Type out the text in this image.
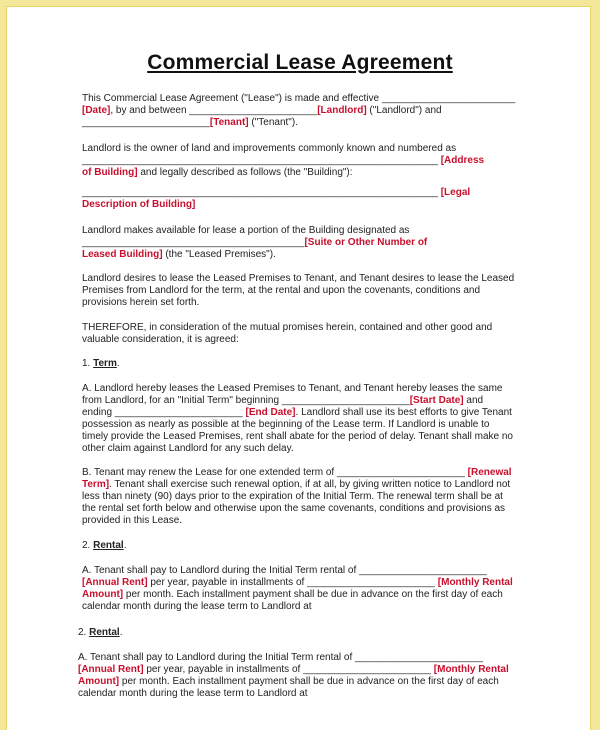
Commercial Lease Agreement
This Commercial Lease Agreement ("Lease") is made and effective ________________________
[Date], by and between _______________________[Landlord] ("Landlord") and
_______________________[Tenant] ("Tenant").
Landlord is the owner of land and improvements commonly known and numbered as
________________________________________________________________ [Address
of Building] and legally described as follows (the "Building"):
________________________________________________________________ [Legal
Description of Building]
Landlord makes available for lease a portion of the Building designated as
________________________________________[Suite or Other Number of
Leased Building] (the "Leased Premises").
Landlord desires to lease the Leased Premises to Tenant, and Tenant desires to lease the Leased
Premises from Landlord for the term, at the rental and upon the covenants, conditions and
provisions herein set forth.
THEREFORE, in consideration of the mutual promises herein, contained and other good and
valuable consideration, it is agreed:
1. Term.
A. Landlord hereby leases the Leased Premises to Tenant, and Tenant hereby leases the same
from Landlord, for an "Initial Term" beginning _______________________[Start Date] and
ending _______________________ [End Date]. Landlord shall use its best efforts to give Tenant
possession as nearly as possible at the beginning of the Lease term. If Landlord is unable to
timely provide the Leased Premises, rent shall abate for the period of delay. Tenant shall make no
other claim against Landlord for any such delay.
B. Tenant may renew the Lease for one extended term of _______________________ [Renewal
Term]. Tenant shall exercise such renewal option, if at all, by giving written notice to Landlord not
less than ninety (90) days prior to the expiration of the Initial Term. The renewal term shall be at
the rental set forth below and otherwise upon the same covenants, conditions and provisions as
provided in this Lease.
2. Rental.
A. Tenant shall pay to Landlord during the Initial Term rental of _______________________
[Annual Rent] per year, payable in installments of _______________________ [Monthly Rental
Amount] per month. Each installment payment shall be due in advance on the first day of each
calendar month during the lease term to Landlord at
2. Rental.
A. Tenant shall pay to Landlord during the Initial Term rental of _______________________
[Annual Rent] per year, payable in installments of _______________________ [Monthly Rental
Amount] per month. Each installment payment shall be due in advance on the first day of each
calendar month during the lease term to Landlord at
